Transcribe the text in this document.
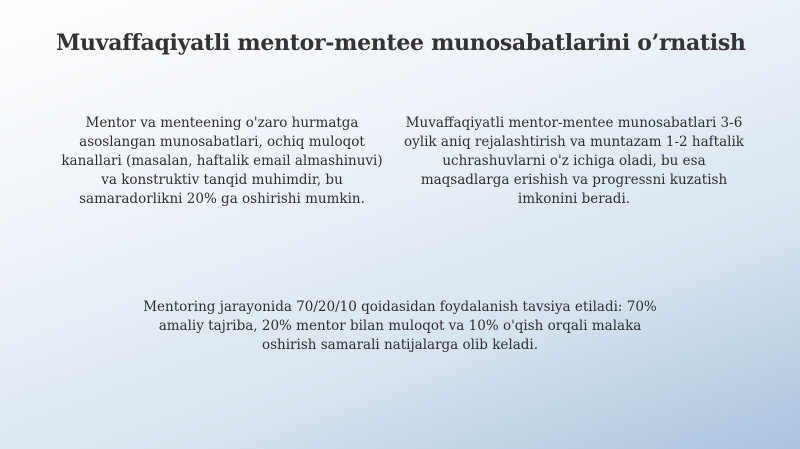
Muvaffaqiyatli mentor-mentee munosabatlarini o’rnatish
Mentor va menteening o'zaro hurmatga asoslangan munosabatlari, ochiq muloqot kanallari (masalan, haftalik email almashinuvi) va konstruktiv tanqid muhimdir, bu samaradorlikni 20% ga oshirishi mumkin.
Muvaffaqiyatli mentor-mentee munosabatlari 3-6 oylik aniq rejalashtirish va muntazam 1-2 haftalik uchrashuvlarni o'z ichiga oladi, bu esa maqsadlarga erishish va progressni kuzatish imkonini beradi.
Mentoring jarayonida 70/20/10 qoidasidan foydalanish tavsiya etiladi: 70% amaliy tajriba, 20% mentor bilan muloqot va 10% o'qish orqali malaka oshirish samarali natijalarga olib keladi.
